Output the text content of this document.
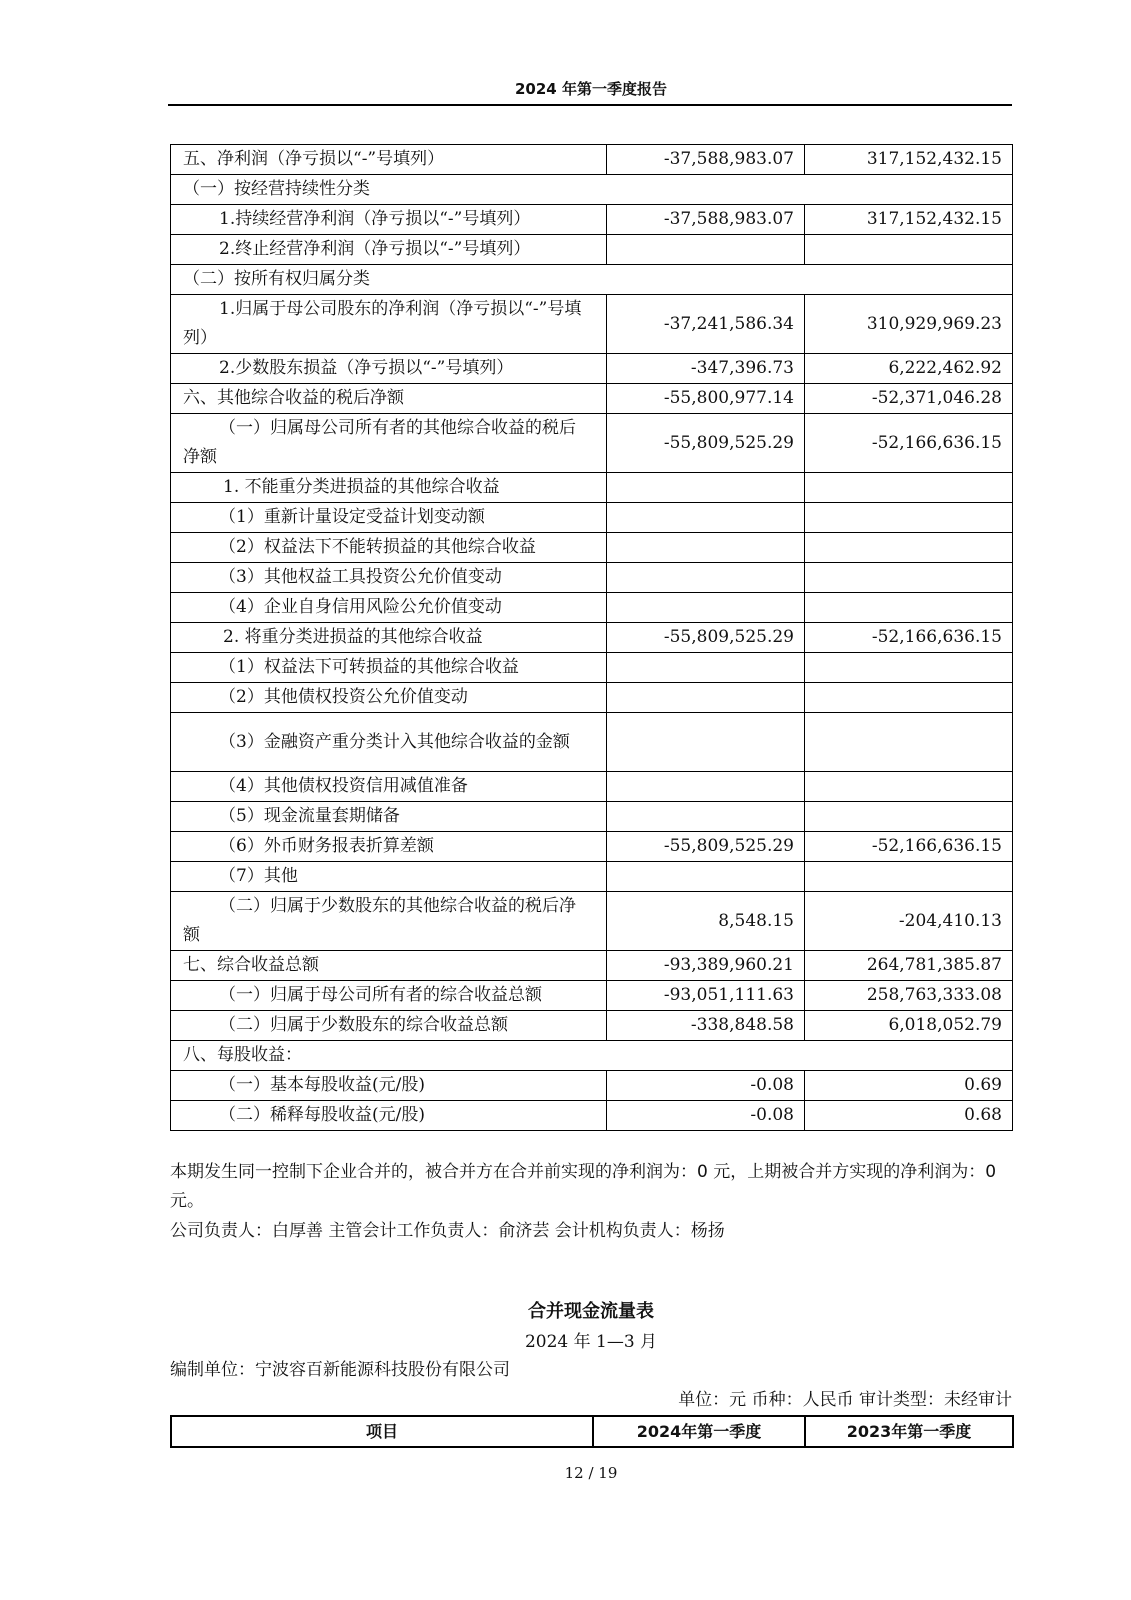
2024 年第一季度报告
五、净利润（净亏损以“-”号填列）	-37,588,983.07	317,152,432.15
（一）按经营持续性分类		
1.持续经营净利润（净亏损以“-”号填列）	-37,588,983.07	317,152,432.15
2.终止经营净利润（净亏损以“-”号填列）		
（二）按所有权归属分类		
1.归属于母公司股东的净利润（净亏损以“-”号填列）	-37,241,586.34	310,929,969.23
2.少数股东损益（净亏损以“-”号填列）	-347,396.73	6,222,462.92
六、其他综合收益的税后净额	-55,800,977.14	-52,371,046.28
（一）归属母公司所有者的其他综合收益的税后净额	-55,809,525.29	-52,166,636.15
1. 不能重分类进损益的其他综合收益		
（1）重新计量设定受益计划变动额		
（2）权益法下不能转损益的其他综合收益		
（3）其他权益工具投资公允价值变动		
（4）企业自身信用风险公允价值变动		
2. 将重分类进损益的其他综合收益	-55,809,525.29	-52,166,636.15
（1）权益法下可转损益的其他综合收益		
（2）其他债权投资公允价值变动		
（3）金融资产重分类计入其他综合收益的金额		
（4）其他债权投资信用减值准备		
（5）现金流量套期储备		
（6）外币财务报表折算差额	-55,809,525.29	-52,166,636.15
（7）其他		
（二）归属于少数股东的其他综合收益的税后净额	8,548.15	-204,410.13
七、综合收益总额	-93,389,960.21	264,781,385.87
（一）归属于母公司所有者的综合收益总额	-93,051,111.63	258,763,333.08
（二）归属于少数股东的综合收益总额	-338,848.58	6,018,052.79
八、每股收益：		
（一）基本每股收益(元/股)	-0.08	0.69
（二）稀释每股收益(元/股)	-0.08	0.68
本期发生同一控制下企业合并的，被合并方在合并前实现的净利润为：0 元，上期被合并方实现的净利润为：0 元。
公司负责人：白厚善 主管会计工作负责人：俞济芸 会计机构负责人：杨扬
合并现金流量表
2024 年 1—3 月
编制单位：宁波容百新能源科技股份有限公司
单位：元 币种：人民币 审计类型：未经审计
项目	2024年第一季度	2023年第一季度
12 / 19
